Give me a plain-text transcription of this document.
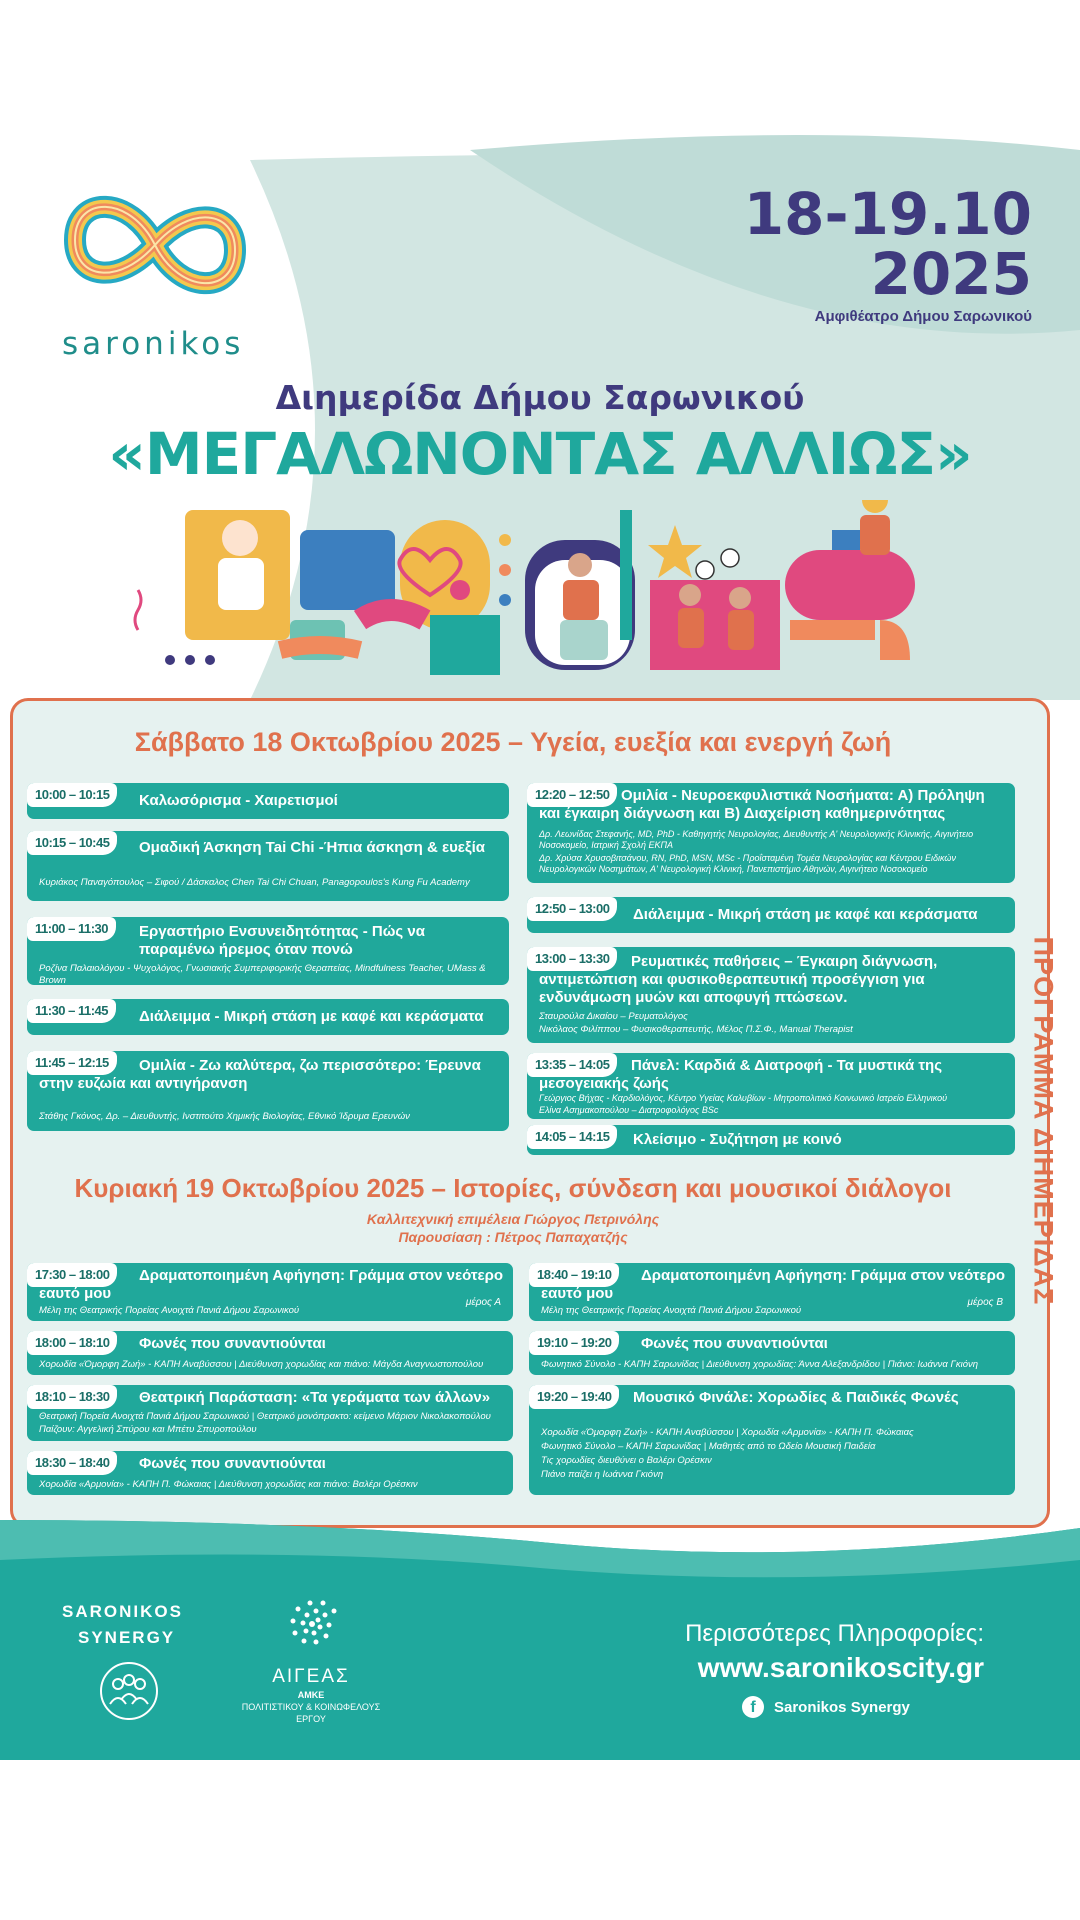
saronikos
18-19.10
2025
Αμφιθέατρο Δήμου Σαρωνικού
Διημερίδα Δήμου Σαρωνικού
«ΜΕΓΑΛΩΝΟΝΤΑΣ ΑΛΛΙΩΣ»
Σάββατο 18 Οκτωβρίου 2025 – Υγεία, ευεξία και ενεργή ζωή
ΠΡΟΓΡΑΜΜΑ ΔΙΗΜΕΡΙΔΑΣ
10:00 – 10:15	Καλωσόρισμα - Χαιρετισμοί
10:15 – 10:45	Ομαδική Άσκηση Tai Chi -Ήπια άσκηση & ευεξία
Κυριάκος Παναγόπουλος – Σιφού / Δάσκαλος Chen Tai Chi Chuan, Panagopoulos's Kung Fu Academy
11:00 – 11:30	Εργαστήριο Ενσυνειδητότητας - Πώς να παραμένω ήρεμος όταν πονώ
Ροζίνα Παλαιολόγου - Ψυχολόγος, Γνωσιακής Συμπεριφορικής Θεραπείας, Mindfulness Teacher, UMass & Brown
11:30 – 11:45	Διάλειμμα - Μικρή στάση με καφέ και κεράσματα
11:45 – 12:15	Ομιλία - Ζω καλύτερα, ζω περισσότερο: Έρευνα στην ευζωία και αντιγήρανση
Στάθης Γκόνος, Δρ. – Διευθυντής, Ινστιτούτο Χημικής Βιολογίας, Εθνικό Ίδρυμα Ερευνών
12:20 – 12:50 Ομιλία - Νευροεκφυλιστικά Νοσήματα: Α) Πρόληψη και έγκαιρη διάγνωση και Β) Διαχείριση καθημερινότητας
Δρ. Λεωνίδας Στεφανής, MD, PhD - Καθηγητής Νευρολογίας, Διευθυντής Α' Νευρολογικής Κλινικής, Αιγινήτειο Νοσοκομείο, Ιατρική Σχολή ΕΚΠΑ
Δρ. Χρύσα Χρυσοβιτσάνου, RN, PhD, MSN, MSc - Προΐσταμένη Τομέα Νευρολογίας και Κέντρου Ειδικών Νευρολογικών Νοσημάτων, Α' Νευρολογική Κλινική, Πανεπιστήμιο Αθηνών, Αιγινήτειο Νοσοκομείο
12:50 – 13:00	Διάλειμμα - Μικρή στάση με καφέ και κεράσματα
13:00 – 13:30	Ρευματικές παθήσεις – Έγκαιρη διάγνωση, αντιμετώπιση και φυσικοθεραπευτική προσέγγιση για ενδυνάμωση μυών και αποφυγή πτώσεων.
Σταυρούλα Δικαίου – Ρευματολόγος
Νικόλαος Φιλίππου – Φυσικοθεραπευτής, Μέλος Π.Σ.Φ., Manual Therapist
13:35 – 14:05	Πάνελ: Καρδιά & Διατροφή - Τα μυστικά της μεσογειακής ζωής
Γεώργιος Βήχας - Καρδιολόγος, Κέντρο Υγείας Καλυβίων - Μητροπολιτικό Κοινωνικό Ιατρείο Ελληνικού
Ελίνα Ασημακοπούλου – Διατροφολόγος BSc
14:05 – 14:15	Κλείσιμο - Συζήτηση με κοινό
Κυριακή 19 Οκτωβρίου 2025 – Ιστορίες, σύνδεση και μουσικοί διάλογοι
Καλλιτεχνική επιμέλεια Γιώργος Πετρινόλης
Παρουσίαση : Πέτρος Παπαχατζής
17:30 – 18:00	Δραματοποιημένη Αφήγηση: Γράμμα στον νεότερο εαυτό μου
Μέλη της Θεατρικής Πορείας Ανοιχτά Πανιά Δήμου Σαρωνικού
μέρος Α
18:00 – 18:10	Φωνές που συναντιούνται
Χορωδία «Όμορφη Ζωή» - ΚΑΠΗ Αναβύσσου | Διεύθυνση χορωδίας και πιάνο: Μάγδα Αναγνωστοπούλου
18:10 – 18:30	Θεατρική Παράσταση: «Τα γεράματα των άλλων»
Θεατρική Πορεία Ανοιχτά Πανιά Δήμου Σαρωνικού | Θεατρικό μονόπρακτο: κείμενο Μάριον Νικολακοπούλου
Παίζουν: Αγγελική Σπύρου και Μπέτυ Σπυροπούλου
18:30 – 18:40	Φωνές που συναντιούνται
Χορωδία «Αρμονία» - ΚΑΠΗ Π. Φώκαιας | Διεύθυνση χορωδίας και πιάνο: Βαλέρι Ορέσκιν
18:40 – 19:10	Δραματοποιημένη Αφήγηση: Γράμμα στον νεότερο εαυτό μου
Μέλη της Θεατρικής Πορείας Ανοιχτά Πανιά Δήμου Σαρωνικού
μέρος Β
19:10 – 19:20	Φωνές που συναντιούνται
Φωνητικό Σύνολο - ΚΑΠΗ Σαρωνίδας | Διεύθυνση χορωδίας: Άννα Αλεξανδρίδου | Πιάνο: Ιωάννα Γκιόνη
19:20 – 19:40	Μουσικό Φινάλε: Χορωδίες & Παιδικές Φωνές
Χορωδία «Όμορφη Ζωή» - ΚΑΠΗ Αναβύσσου | Χορωδία «Αρμονία» - ΚΑΠΗ Π. Φώκαιας
Φωνητικό Σύνολο – ΚΑΠΗ Σαρωνίδας | Μαθητές από το Ωδείο Μουσική Παιδεία
Τις χορωδίες διευθύνει ο Βαλέρι Ορέσκιν
Πιάνο παίζει η Ιωάννα Γκιόνη
SARONIKOS
SYNERGY
ΑΙΓΕΑΣ
ΑΜΚΕ
ΠΟΛΙΤΙΣΤΙΚΟΥ & ΚΟΙΝΩΦΕΛΟΥΣ
ΕΡΓΟΥ
Περισσότερες Πληροφορίες:
www.saronikoscity.gr
f	Saronikos Synergy
